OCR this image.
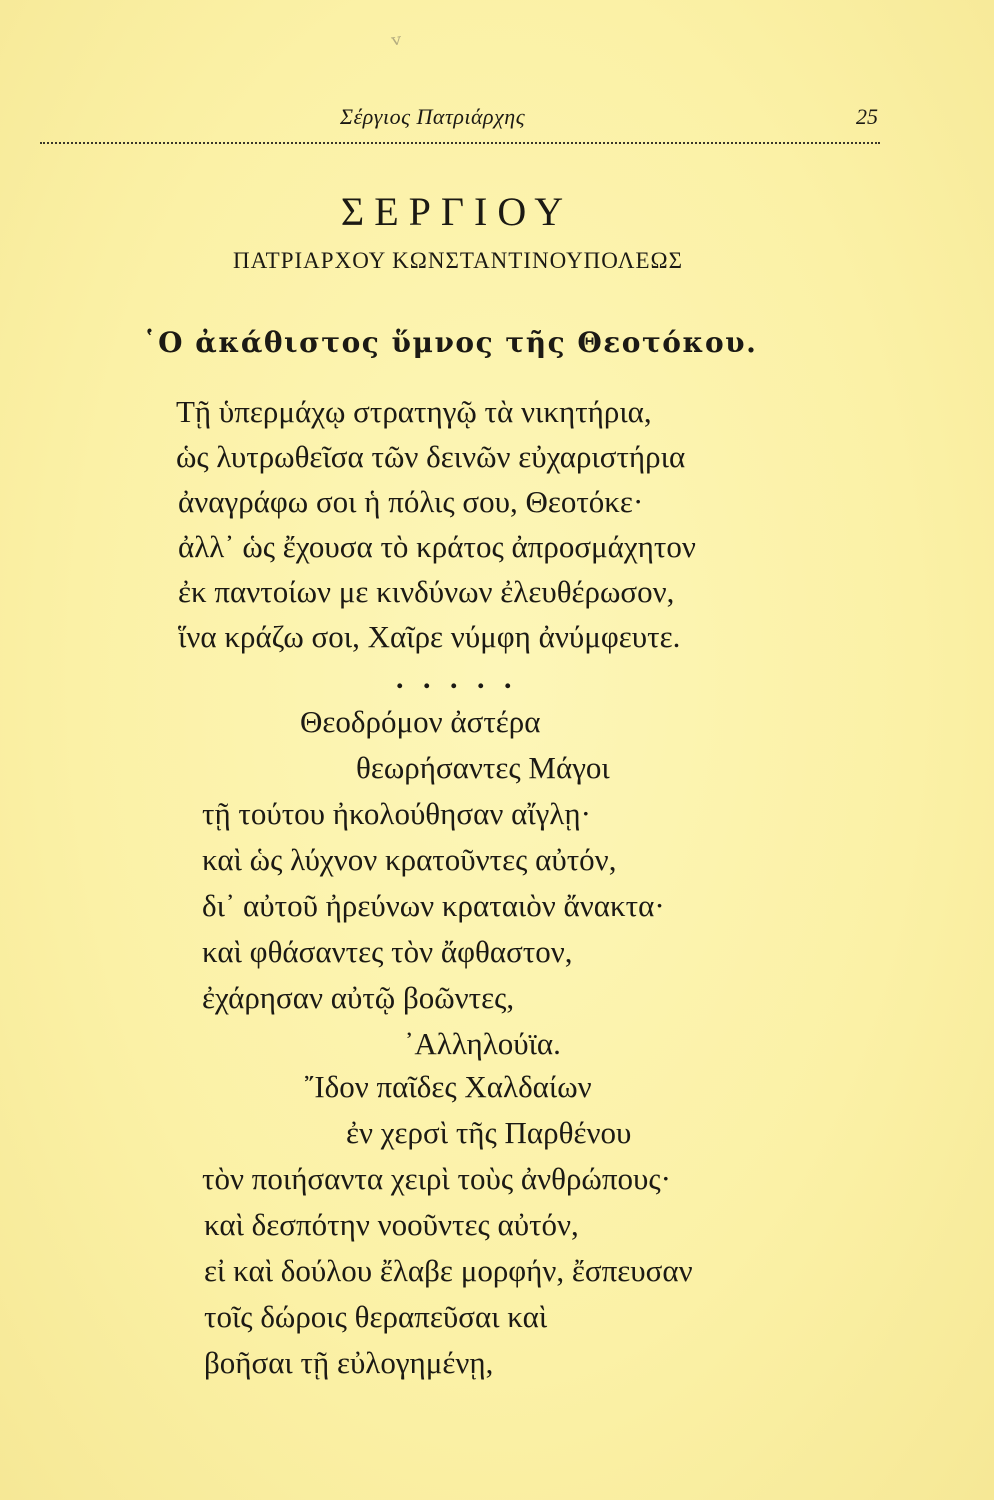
ᵛ
Σέργιος Πατριάρχης	25
ΣΕΡΓΙΟΥ
ΠΑΤΡΙΑΡΧΟΥ ΚΩΝΣΤΑΝΤΙΝΟΥΠΟΛΕΩΣ
῾Ο ἀκάθιστος ὕμνος τῆς Θεοτόκου.
Τῇ ὑπερμάχῳ στρατηγῷ τὰ νικητήρια,
ὡς λυτρωθεῖσα τῶν δεινῶν εὐχαριστήρια
ἀναγράφω σοι ἡ πόλις σου, Θεοτόκε·
ἀλλ᾽ ὡς ἔχουσα τὸ κράτος ἀπροσμάχητον
ἐκ παντοίων με κινδύνων ἐλευθέρωσον,
ἵνα κράζω σοι, Χαῖρε νύμφη ἀνύμφευτε.
. . . . .
Θεοδρόμον ἀστέρα
θεωρήσαντες Μάγοι
τῇ τούτου ἠκολούθησαν αἴγλῃ·
καὶ ὡς λύχνον κρατοῦντες αὐτόν,
δι᾽ αὐτοῦ ἠρεύνων κραταιὸν ἄνακτα·
καὶ φθάσαντες τὸν ἄφθαστον,
ἐχάρησαν αὐτῷ βοῶντες,
᾽Αλληλούϊα.
῎Ιδον παῖδες Χαλδαίων
ἐν χερσὶ τῆς Παρθένου
τὸν ποιήσαντα χειρὶ τοὺς ἀνθρώπους·
καὶ δεσπότην νοοῦντες αὐτόν,
εἰ καὶ δούλου ἔλαβε μορφήν, ἔσπευσαν
τοῖς δώροις θεραπεῦσαι καὶ
βοῆσαι τῇ εὐλογημένῃ,
